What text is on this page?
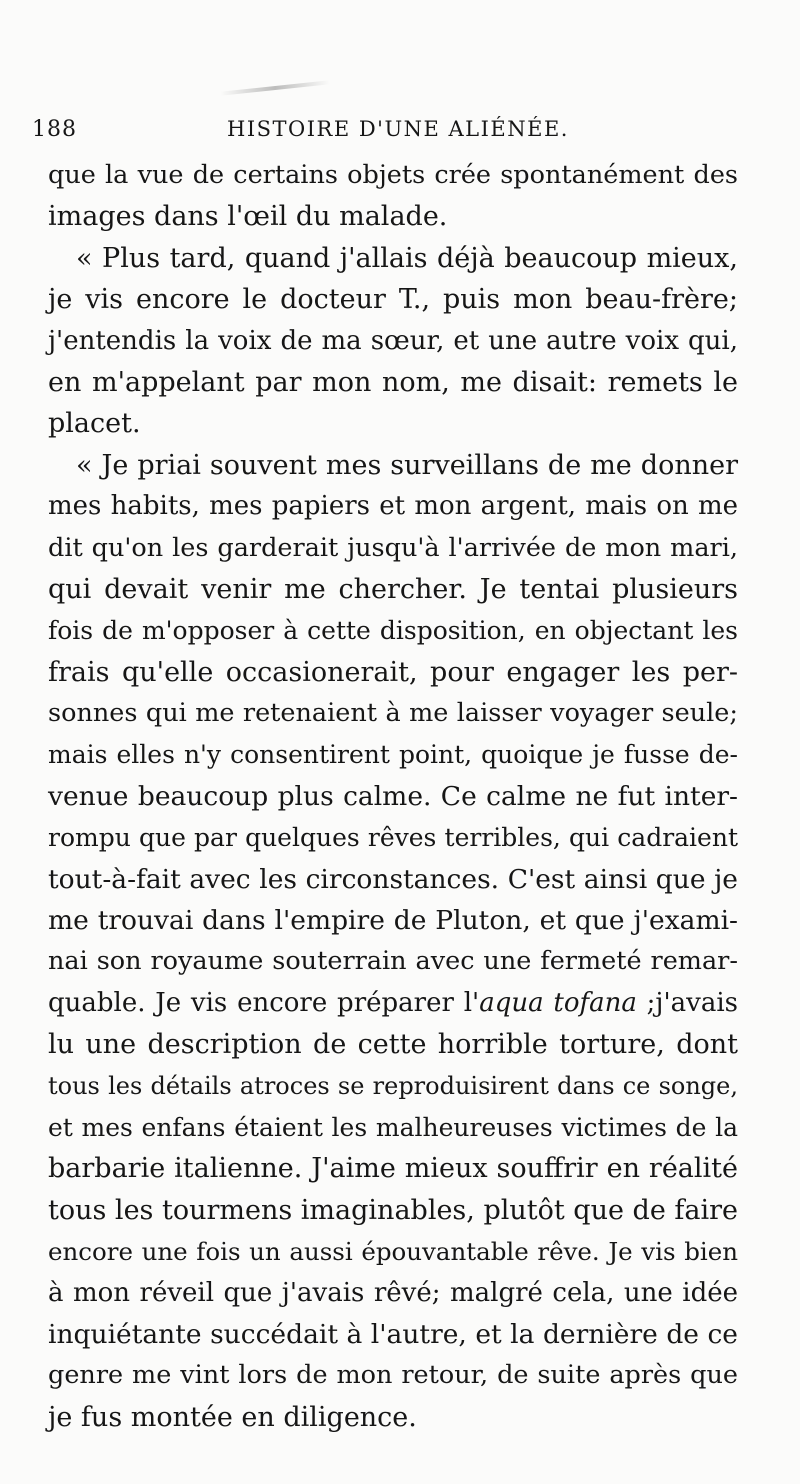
188	HISTOIRE D'UNE ALIÉNÉE.
que la vue de certains objets crée spontanément des
images dans l'œil du malade.
« Plus tard, quand j'allais déjà beaucoup mieux,
je vis encore le docteur T., puis mon beau-frère;
j'entendis la voix de ma sœur, et une autre voix qui,
en m'appelant par mon nom, me disait: remets le
placet.
« Je priai souvent mes surveillans de me donner
mes habits, mes papiers et mon argent, mais on me
dit qu'on les garderait jusqu'à l'arrivée de mon mari,
qui devait venir me chercher. Je tentai plusieurs
fois de m'opposer à cette disposition, en objectant les
frais qu'elle occasionerait, pour engager les per-
sonnes qui me retenaient à me laisser voyager seule;
mais elles n'y consentirent point, quoique je fusse de-
venue beaucoup plus calme. Ce calme ne fut inter-
rompu que par quelques rêves terribles, qui cadraient
tout-à-fait avec les circonstances. C'est ainsi que je
me trouvai dans l'empire de Pluton, et que j'exami-
nai son royaume souterrain avec une fermeté remar-
quable. Je vis encore préparer l'aqua tofana ;j'avais
lu une description de cette horrible torture, dont
tous les détails atroces se reproduisirent dans ce songe,
et mes enfans étaient les malheureuses victimes de la
barbarie italienne. J'aime mieux souffrir en réalité
tous les tourmens imaginables, plutôt que de faire
encore une fois un aussi épouvantable rêve. Je vis bien
à mon réveil que j'avais rêvé; malgré cela, une idée
inquiétante succédait à l'autre, et la dernière de ce
genre me vint lors de mon retour, de suite après que
je fus montée en diligence.
